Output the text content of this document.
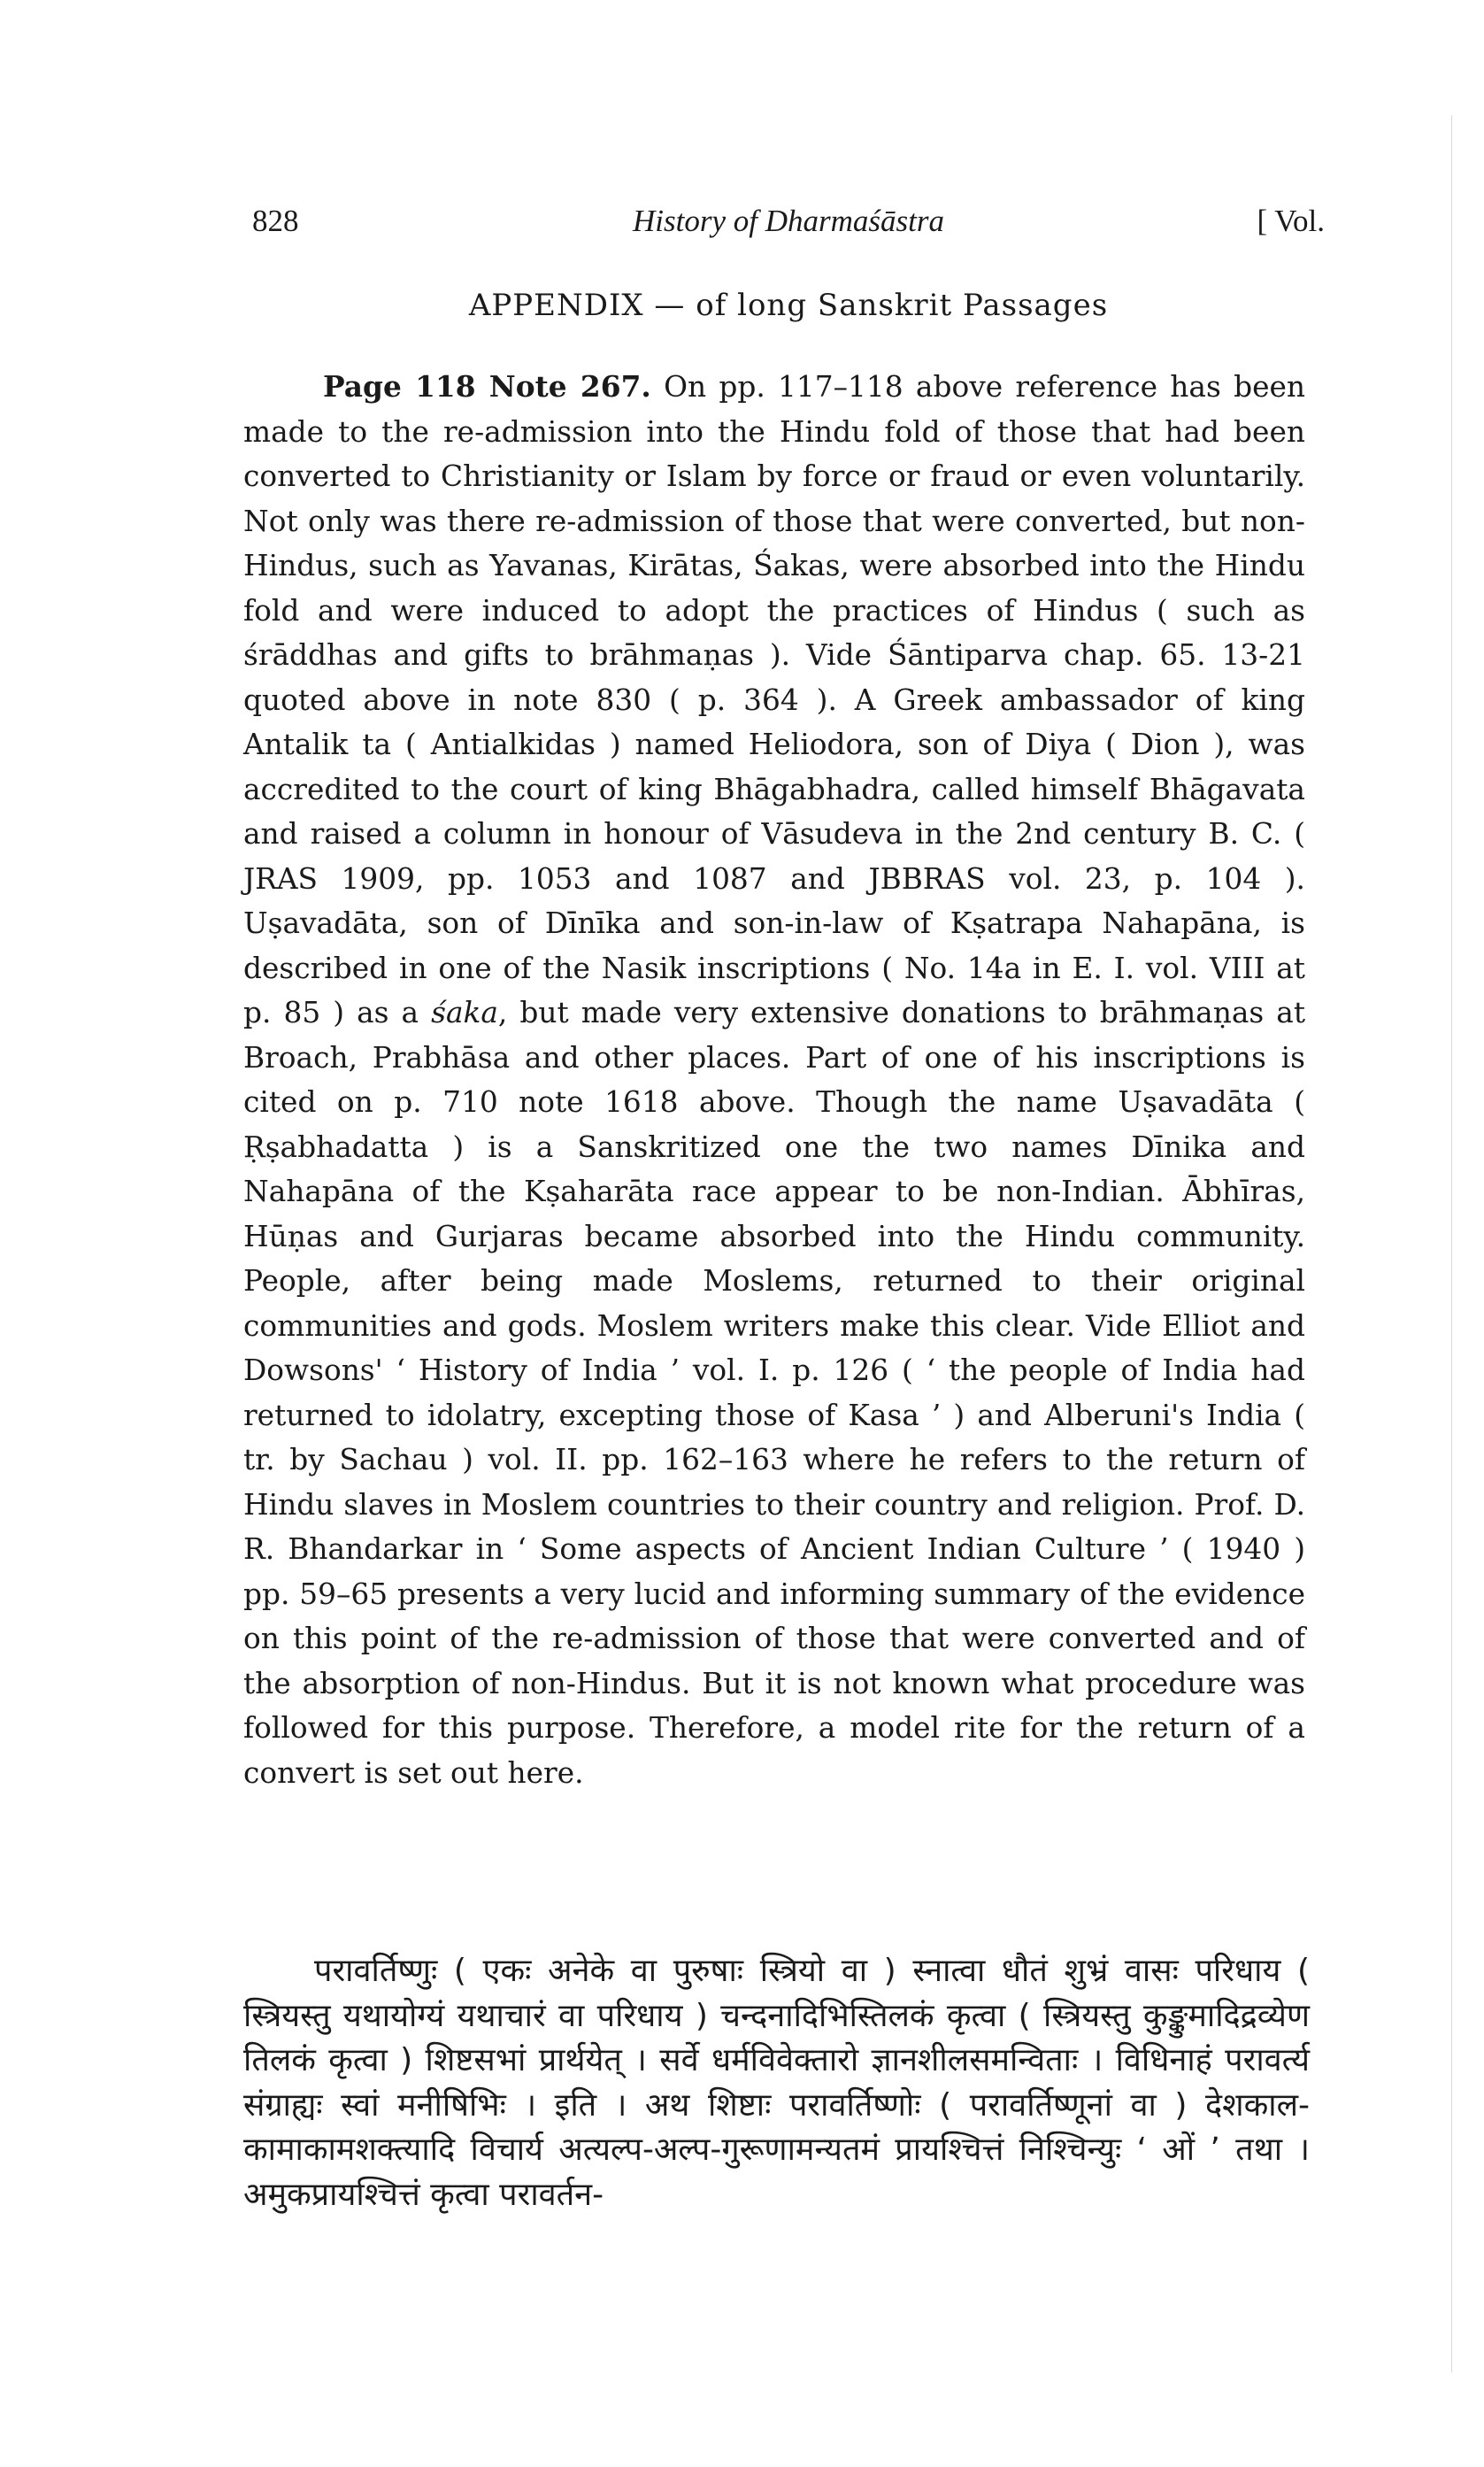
828	History of Dharmaśāstra	[ Vol.
APPENDIX — of long Sanskrit Passages

Page 118 Note 267. On pp. 117–118 above reference has been made to the re-admission into the Hindu fold of those that had been converted to Christianity or Islam by force or fraud or even voluntarily. Not only was there re-admission of those that were converted, but non-Hindus, such as Yavanas, Kirātas, Śakas, were absorbed into the Hindu fold and were induced to adopt the practices of Hindus ( such as śrāddhas and gifts to brāhmaṇas ). Vide Śāntiparva chap. 65. 13-21 quoted above in note 830 ( p. 364 ). A Greek ambassador of king Antalik ta ( Antialkidas ) named Heliodora, son of Diya ( Dion ), was accredited to the court of king Bhāgabhadra, called himself Bhāgavata and raised a column in honour of Vāsudeva in the 2nd century B. C. ( JRAS 1909, pp. 1053 and 1087 and JBBRAS vol. 23, p. 104 ). Uṣavadāta, son of Dīnīka and son-in-law of Kṣatrapa Nahapāna, is described in one of the Nasik inscriptions ( No. 14a in E. I. vol. VIII at p. 85 ) as a śaka, but made very extensive donations to brāhmaṇas at Broach, Prabhāsa and other places. Part of one of his inscriptions is cited on p. 710 note 1618 above. Though the name Uṣavadāta ( Ṛṣabhadatta ) is a Sanskritized one the two names Dīnika and Nahapāna of the Kṣaharāta race appear to be non-Indian. Ābhīras, Hūṇas and Gurjaras became absorbed into the Hindu community. People, after being made Moslems, returned to their original communities and gods. Moslem writers make this clear. Vide Elliot and Dowsons' ‘ History of India ’ vol. I. p. 126 ( ‘ the people of India had returned to idolatry, excepting those of Kasa ’ ) and Alberuni's India ( tr. by Sachau ) vol. II. pp. 162–163 where he refers to the return of Hindu slaves in Moslem countries to their country and religion. Prof. D. R. Bhandarkar in ‘ Some aspects of Ancient Indian Culture ’ ( 1940 ) pp. 59–65 presents a very lucid and informing summary of the evidence on this point of the re-admission of those that were converted and of the absorption of non-Hindus. But it is not known what procedure was followed for this purpose. Therefore, a model rite for the return of a convert is set out here.

परावर्तिष्णुः ( एकः अनेके वा पुरुषाः स्त्रियो वा ) स्नात्वा धौतं शुभ्रं वासः परिधाय ( स्त्रियस्तु यथायोग्यं यथाचारं वा परिधाय ) चन्दनादिभिस्तिलकं कृत्वा ( स्त्रियस्तु कुङ्कुमादिद्रव्येण तिलकं कृत्वा ) शिष्टसभां प्रार्थयेत् । सर्वे धर्मविवेक्तारो ज्ञानशीलसमन्विताः । विधिनाहं परावर्त्य संग्राह्यः स्वां मनीषिभिः । इति । अथ शिष्टाः परावर्तिष्णोः ( परावर्तिष्णूनां वा ) देशकाल-कामाकामशक्त्यादि विचार्य अत्यल्प-अल्प-गुरूणामन्यतमं प्रायश्चित्तं निश्चिन्युः ‘ ओं ’ तथा । अमुकप्रायश्चित्तं कृत्वा परावर्तन-
